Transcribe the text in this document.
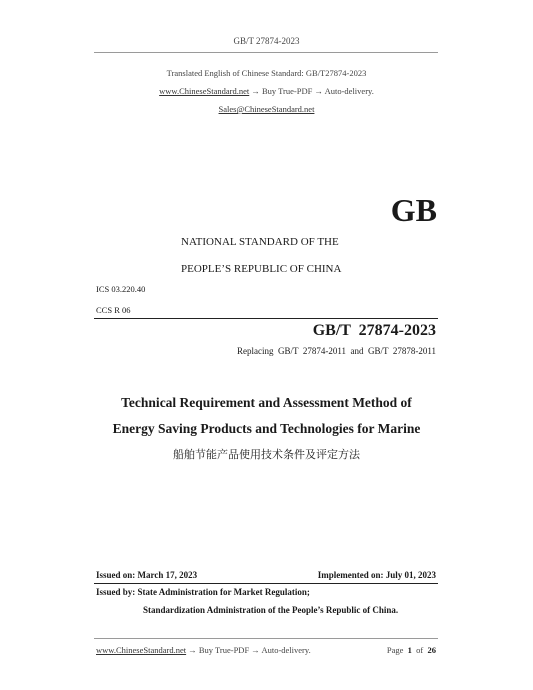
GB/T 27874-2023
Translated English of Chinese Standard: GB/T27874-2023
www.ChineseStandard.net → Buy True-PDF → Auto-delivery.
Sales@ChineseStandard.net
GB
NATIONAL STANDARD OF THE
PEOPLE’S REPUBLIC OF CHINA
ICS 03.220.40
CCS R 06
GB/T  27874-2023
Replacing  GB/T  27874-2011  and  GB/T  27878-2011
Technical Requirement and Assessment Method of
Energy Saving Products and Technologies for Marine
船舶节能产品使用技术条件及评定方法
Issued on: March 17, 2023	Implemented on: July 01, 2023
Issued by: State Administration for Market Regulation;
Standardization Administration of the People’s Republic of China.
www.ChineseStandard.net → Buy True-PDF → Auto-delivery.	Page 1 of 26
